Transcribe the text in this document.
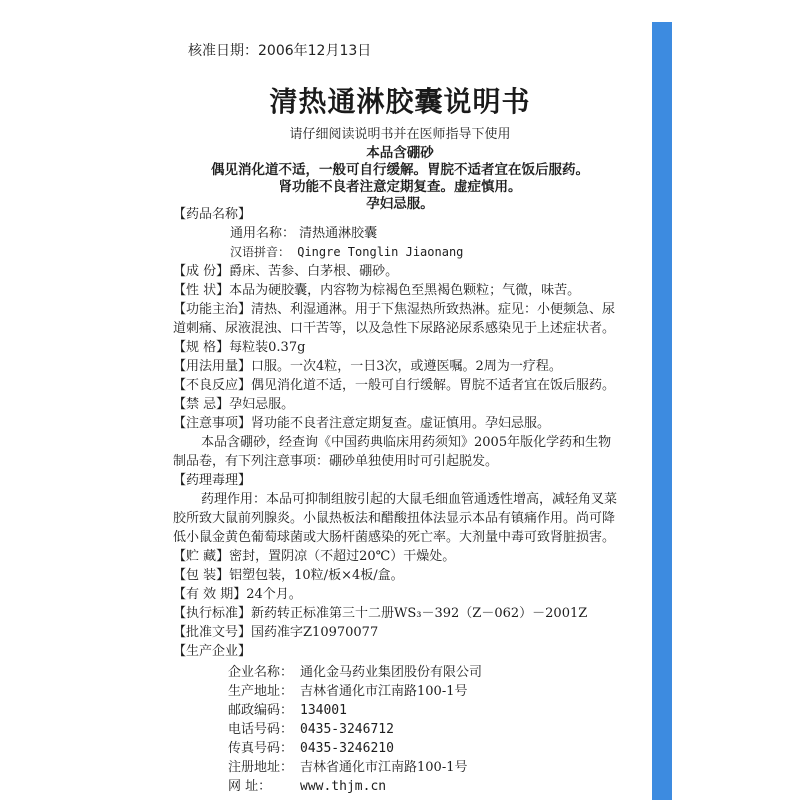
核准日期：2006年12月13日
清热通淋胶囊说明书
请仔细阅读说明书并在医师指导下使用
本品含硼砂
偶见消化道不适，一般可自行缓解。胃脘不适者宜在饭后服药。
肾功能不良者注意定期复查。虚症慎用。
孕妇忌服。
【药品名称】
通用名称： 清热通淋胶囊
汉语拼音： Qingre Tonglin Jiaonang
【成 份】爵床、苦参、白茅根、硼砂。
【性 状】本品为硬胶囊，内容物为棕褐色至黑褐色颗粒；气微，味苦。
【功能主治】清热、利湿通淋。用于下焦湿热所致热淋。症见：小便频急、尿
道刺痛、尿液混浊、口干苦等，以及急性下尿路泌尿系感染见于上述症状者。
【规 格】每粒装0.37g
【用法用量】口服。一次4粒，一日3次，或遵医嘱。2周为一疗程。
【不良反应】偶见消化道不适，一般可自行缓解。胃脘不适者宜在饭后服药。
【禁 忌】孕妇忌服。
【注意事项】肾功能不良者注意定期复查。虚证慎用。孕妇忌服。
本品含硼砂，经查询《中国药典临床用药须知》2005年版化学药和生物
制品卷，有下列注意事项：硼砂单独使用时可引起脱发。
【药理毒理】
药理作用：本品可抑制组胺引起的大鼠毛细血管通透性增高，减轻角叉菜
胶所致大鼠前列腺炎。小鼠热板法和醋酸扭体法显示本品有镇痛作用。尚可降
低小鼠金黄色葡萄球菌或大肠杆菌感染的死亡率。大剂量中毒可致肾脏损害。
【贮 藏】密封，置阴凉（不超过20℃）干燥处。
【包 装】铝塑包装，10粒/板×4板/盒。
【有 效 期】24个月。
【执行标准】新药转正标准第三十二册WS₃－392（Z－062）－2001Z
【批准文号】国药准字Z10970077
【生产企业】
企业名称： 通化金马药业集团股份有限公司
生产地址： 吉林省通化市江南路100-1号
邮政编码： 134001
电话号码： 0435-3246712
传真号码： 0435-3246210
注册地址： 吉林省通化市江南路100-1号
网 址： www.thjm.cn
